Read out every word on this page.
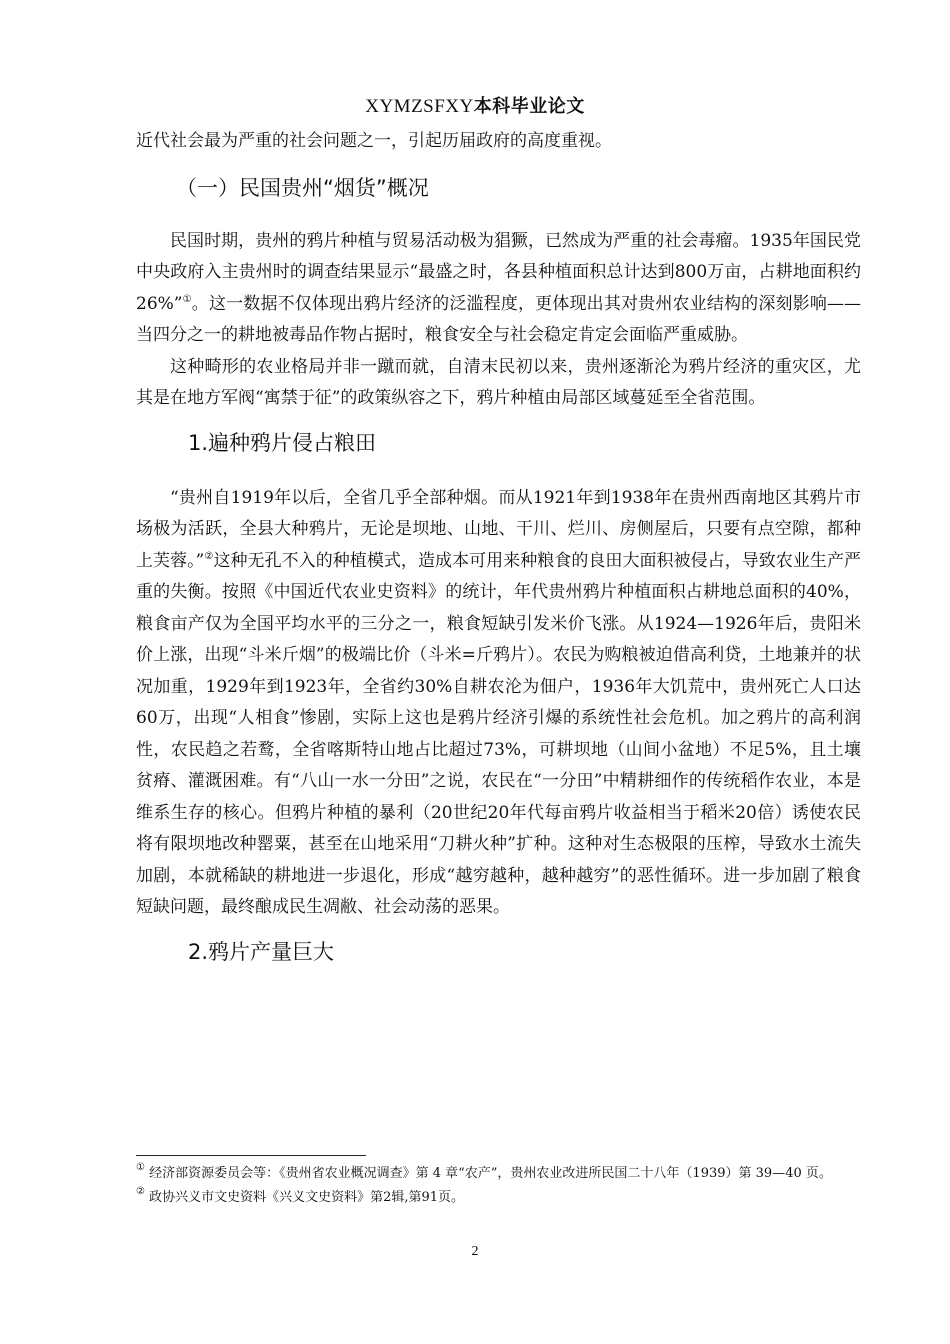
XYMZSFXY本科毕业论文

近代社会最为严重的社会问题之一，引起历届政府的高度重视。

（一）民国贵州“烟货”概况

民国时期，贵州的鸦片种植与贸易活动极为猖獗，已然成为严重的社会毒瘤。1935年国民党中央政府入主贵州时的调查结果显示“最盛之时，各县种植面积总计达到800万亩，占耕地面积约26%”①。这一数据不仅体现出鸦片经济的泛滥程度，更体现出其对贵州农业结构的深刻影响——当四分之一的耕地被毒品作物占据时，粮食安全与社会稳定肯定会面临严重威胁。

这种畸形的农业格局并非一蹴而就，自清末民初以来，贵州逐渐沦为鸦片经济的重灾区，尤其是在地方军阀“寓禁于征”的政策纵容之下，鸦片种植由局部区域蔓延至全省范围。

1.遍种鸦片侵占粮田

“贵州自1919年以后，全省几乎全部种烟。而从1921年到1938年在贵州西南地区其鸦片市场极为活跃，全县大种鸦片，无论是坝地、山地、干川、烂川、房侧屋后，只要有点空隙，都种上芙蓉。”②这种无孔不入的种植模式，造成本可用来种粮食的良田大面积被侵占，导致农业生产严重的失衡。按照《中国近代农业史资料》的统计，年代贵州鸦片种植面积占耕地总面积的40%，粮食亩产仅为全国平均水平的三分之一，粮食短缺引发米价飞涨。从1924—1926年后，贵阳米价上涨，出现“斗米斤烟”的极端比价（斗米=斤鸦片）。农民为购粮被迫借高利贷，土地兼并的状况加重，1929年到1923年，全省约30%自耕农沦为佃户，1936年大饥荒中，贵州死亡人口达60万，出现“人相食”惨剧，实际上这也是鸦片经济引爆的系统性社会危机。加之鸦片的高利润性，农民趋之若鹜，全省喀斯特山地占比超过73%，可耕坝地（山间小盆地）不足5%，且土壤贫瘠、灌溉困难。有“八山一水一分田”之说，农民在“一分田”中精耕细作的传统稻作农业，本是维系生存的核心。但鸦片种植的暴利（20世纪20年代每亩鸦片收益相当于稻米20倍）诱使农民将有限坝地改种罂粟，甚至在山地采用“刀耕火种”扩种。这种对生态极限的压榨，导致水土流失加剧，本就稀缺的耕地进一步退化，形成“越穷越种，越种越穷”的恶性循环。进一步加剧了粮食短缺问题，最终酿成民生凋敝、社会动荡的恶果。

2.鸦片产量巨大

① 经济部资源委员会等：《贵州省农业概况调查》第 4 章“农产”，贵州农业改进所民国二十八年（1939）第 39—40 页。

② 政协兴义市文史资料《兴义文史资料》第2辑,第91页。

2
